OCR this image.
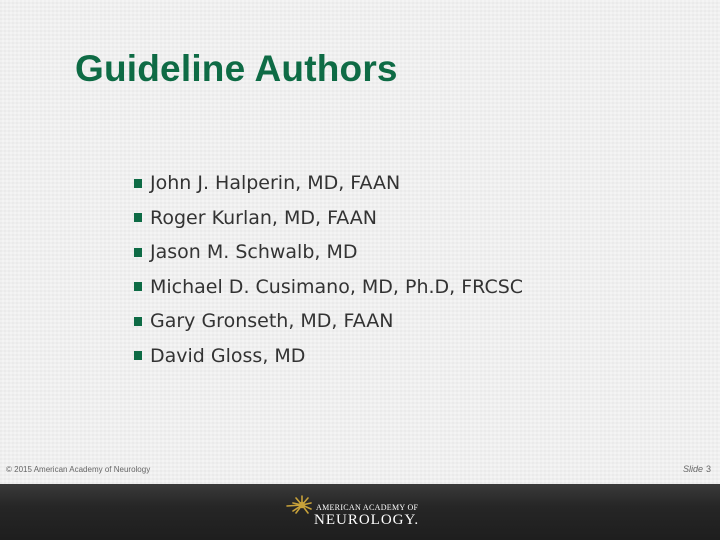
Guideline Authors
John J. Halperin, MD, FAAN
Roger Kurlan, MD, FAAN
Jason M. Schwalb, MD
Michael D. Cusimano, MD, Ph.D, FRCSC
Gary Gronseth, MD, FAAN
David Gloss, MD
© 2015 American Academy of Neurology	Slide 3
AMERICAN ACADEMY OF
NEUROLOGY.
